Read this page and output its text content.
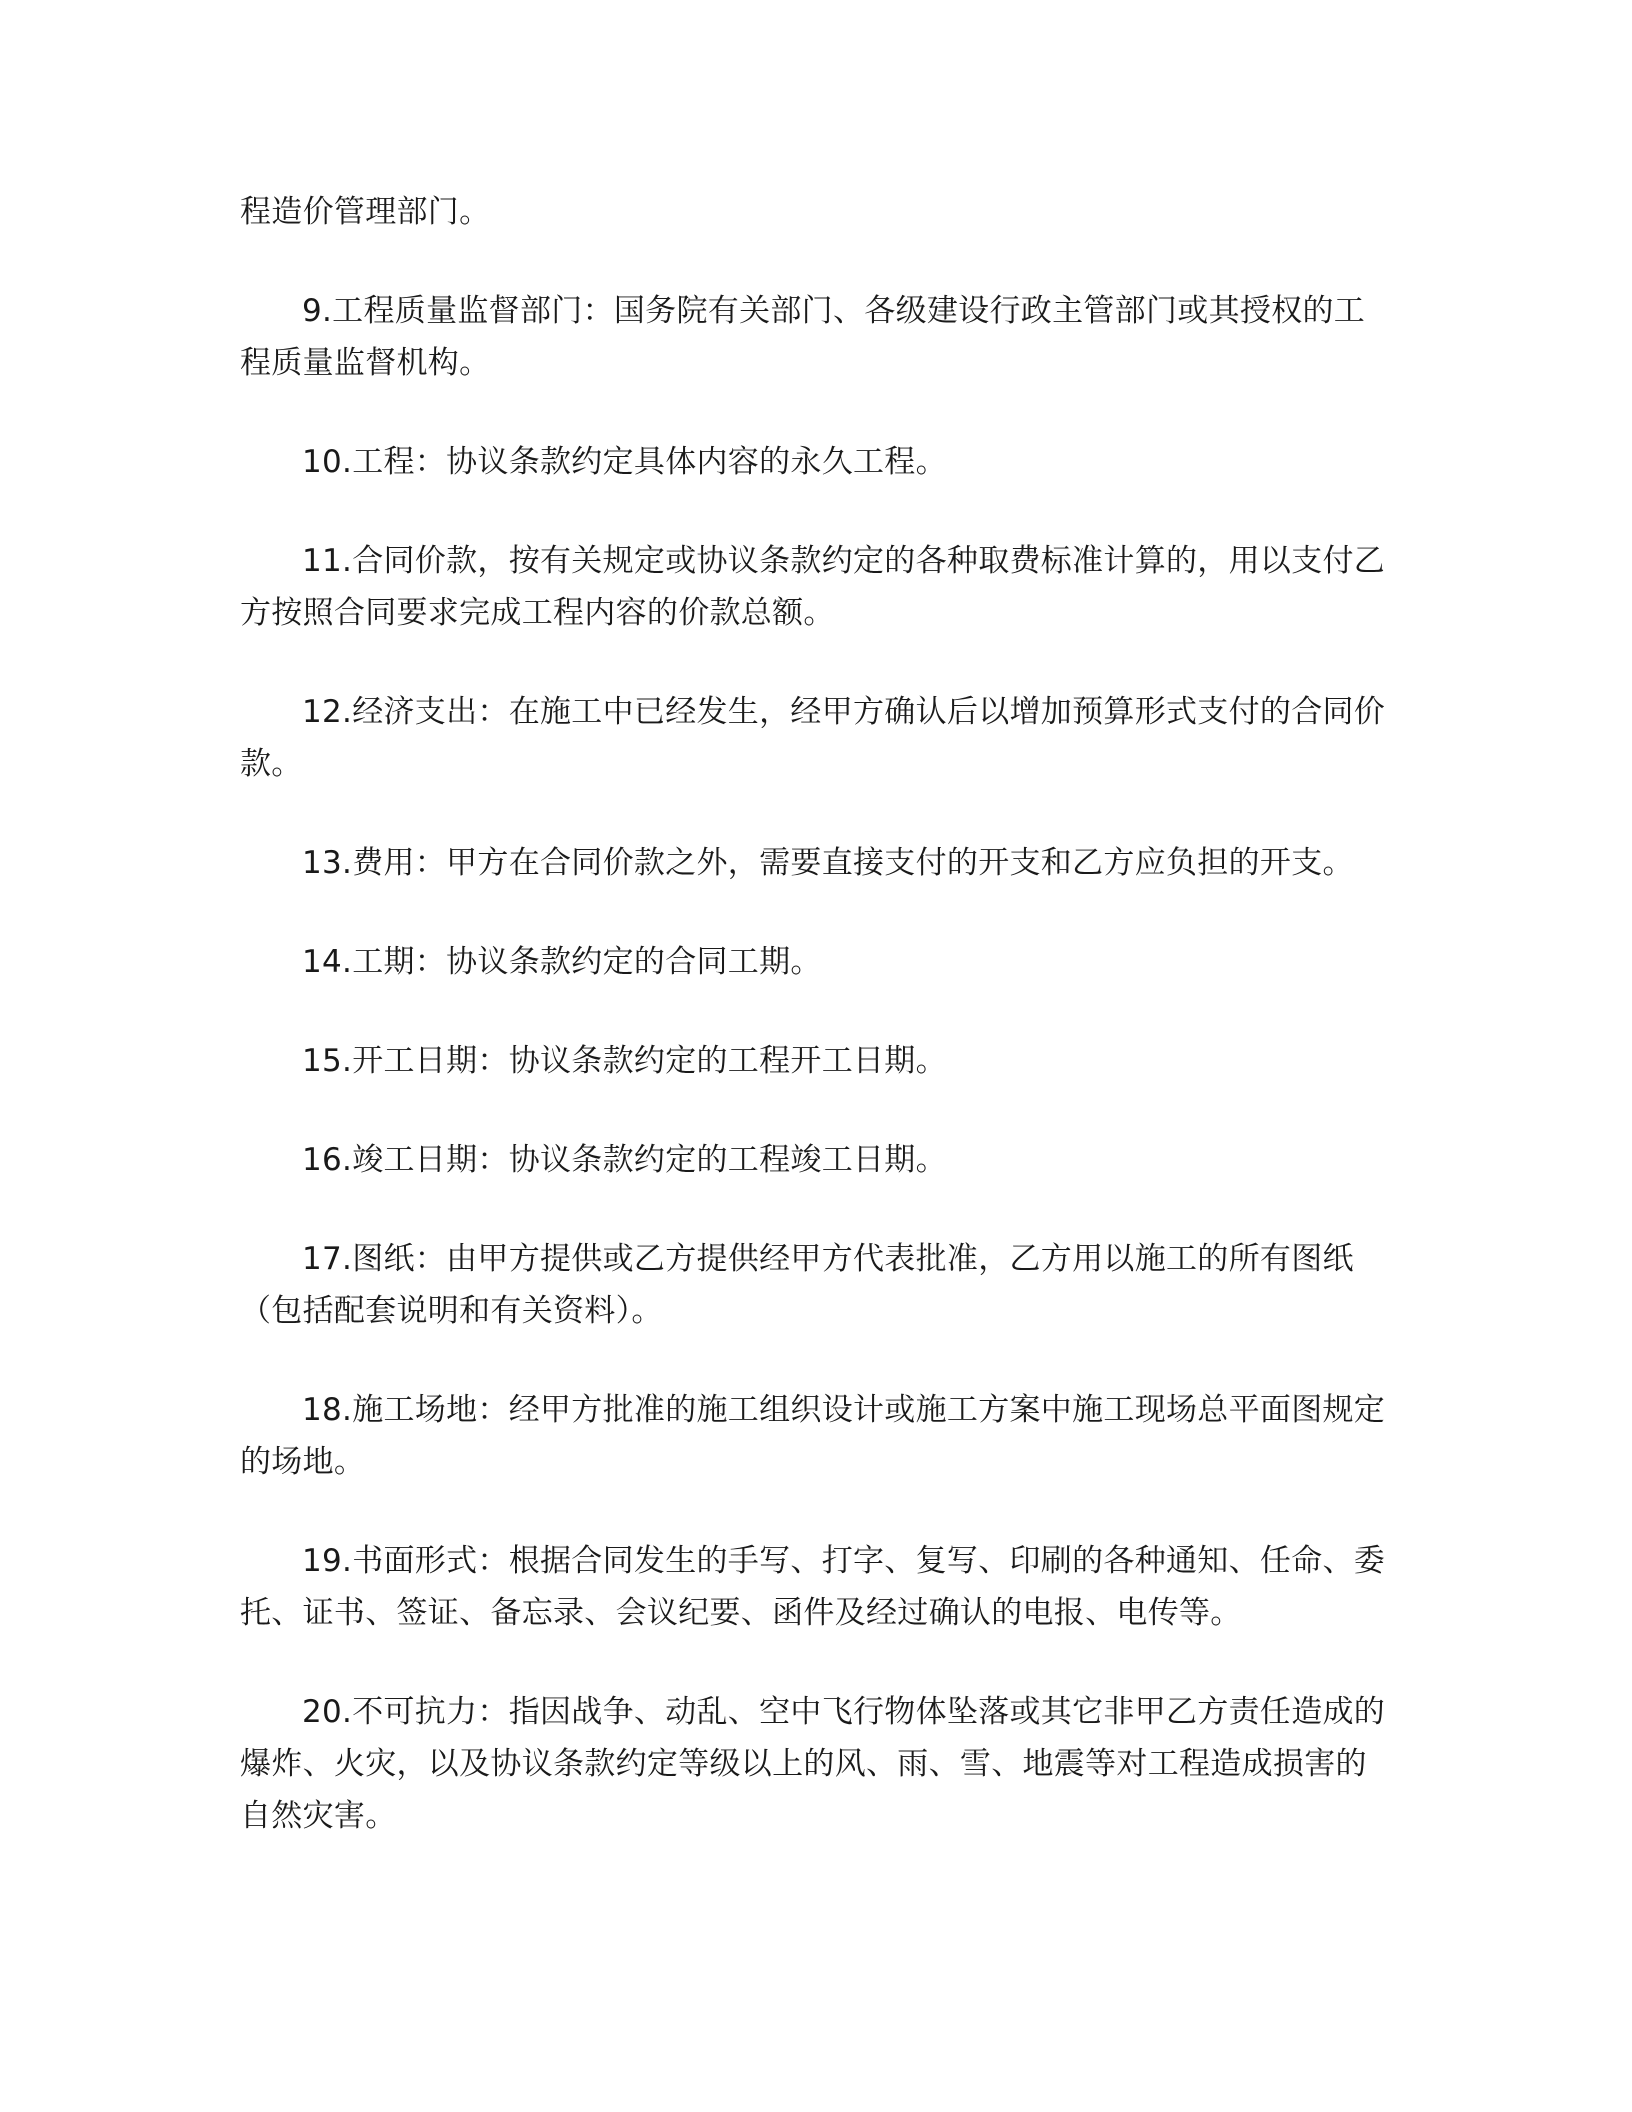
程造价管理部门。

9.工程质量监督部门：国务院有关部门、各级建设行政主管部门或其授权的工程质量监督机构。

10.工程：协议条款约定具体内容的永久工程。

11.合同价款，按有关规定或协议条款约定的各种取费标准计算的，用以支付乙方按照合同要求完成工程内容的价款总额。

12.经济支出：在施工中已经发生，经甲方确认后以增加预算形式支付的合同价款。

13.费用：甲方在合同价款之外，需要直接支付的开支和乙方应负担的开支。

14.工期：协议条款约定的合同工期。

15.开工日期：协议条款约定的工程开工日期。

16.竣工日期：协议条款约定的工程竣工日期。

17.图纸：由甲方提供或乙方提供经甲方代表批准，乙方用以施工的所有图纸（包括配套说明和有关资料）。

18.施工场地：经甲方批准的施工组织设计或施工方案中施工现场总平面图规定的场地。

19.书面形式：根据合同发生的手写、打字、复写、印刷的各种通知、任命、委托、证书、签证、备忘录、会议纪要、函件及经过确认的电报、电传等。

20.不可抗力：指因战争、动乱、空中飞行物体坠落或其它非甲乙方责任造成的爆炸、火灾，以及协议条款约定等级以上的风、雨、雪、地震等对工程造成损害的自然灾害。
